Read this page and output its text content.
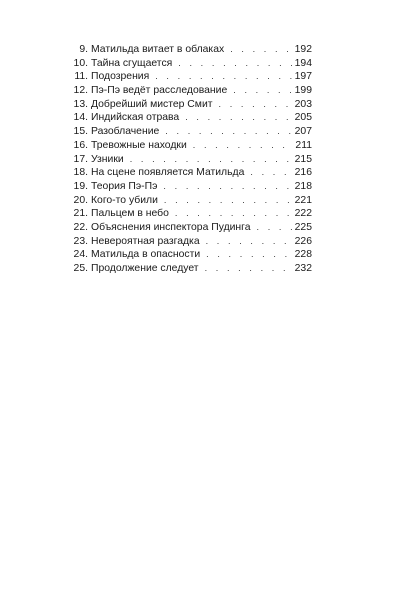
9. Матильда витает в облаках . . .	192
10. Тайна сгущается . . .	194
11. Подозрения . . .	197
12. Пэ-Пэ ведёт расследование . . .	199
13. Добрейший мистер Смит . . .	203
14. Индийская отрава . . .	205
15. Разоблачение . . .	207
16. Тревожные находки . . .	211
17. Узники . . .	215
18. На сцене появляется Матильда . . .	216
19. Теория Пэ-Пэ . . .	218
20. Кого-то убили . . .	221
21. Пальцем в небо . . .	222
22. Объяснения инспектора Пудинга . . .	225
23. Невероятная разгадка . . .	226
24. Матильда в опасности . . .	228
25. Продолжение следует . . .	232
